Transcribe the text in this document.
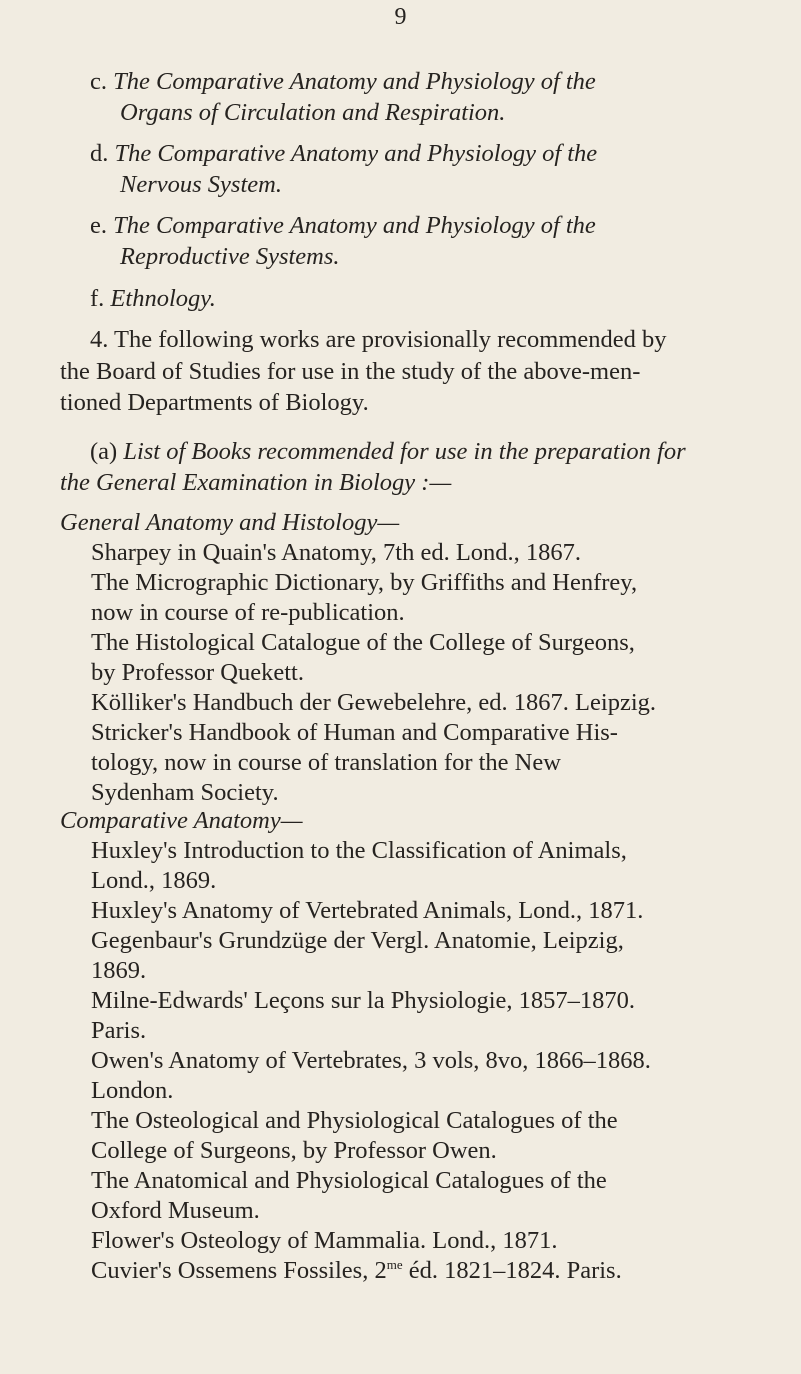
9
c. The Comparative Anatomy and Physiology of the
Organs of Circulation and Respiration.
d. The Comparative Anatomy and Physiology of the
Nervous System.
e. The Comparative Anatomy and Physiology of the
Reproductive Systems.
f. Ethnology.
4. The following works are provisionally recommended by
the Board of Studies for use in the study of the above-men-
tioned Departments of Biology.
(a) List of Books recommended for use in the preparation for
the General Examination in Biology :—
General Anatomy and Histology—
Sharpey in Quain's Anatomy, 7th ed. Lond., 1867.
The Micrographic Dictionary, by Griffiths and Henfrey,
now in course of re-publication.
The Histological Catalogue of the College of Surgeons,
by Professor Quekett.
Kölliker's Handbuch der Gewebelehre, ed. 1867. Leipzig.
Stricker's Handbook of Human and Comparative His-
tology, now in course of translation for the New
Sydenham Society.
Comparative Anatomy—
Huxley's Introduction to the Classification of Animals,
Lond., 1869.
Huxley's Anatomy of Vertebrated Animals, Lond., 1871.
Gegenbaur's Grundzüge der Vergl. Anatomie, Leipzig,
1869.
Milne-Edwards' Leçons sur la Physiologie, 1857–1870.
Paris.
Owen's Anatomy of Vertebrates, 3 vols, 8vo, 1866–1868.
London.
The Osteological and Physiological Catalogues of the
College of Surgeons, by Professor Owen.
The Anatomical and Physiological Catalogues of the
Oxford Museum.
Flower's Osteology of Mammalia. Lond., 1871.
Cuvier's Ossemens Fossiles, $2^{me}$ éd. 1821–1824. Paris.
